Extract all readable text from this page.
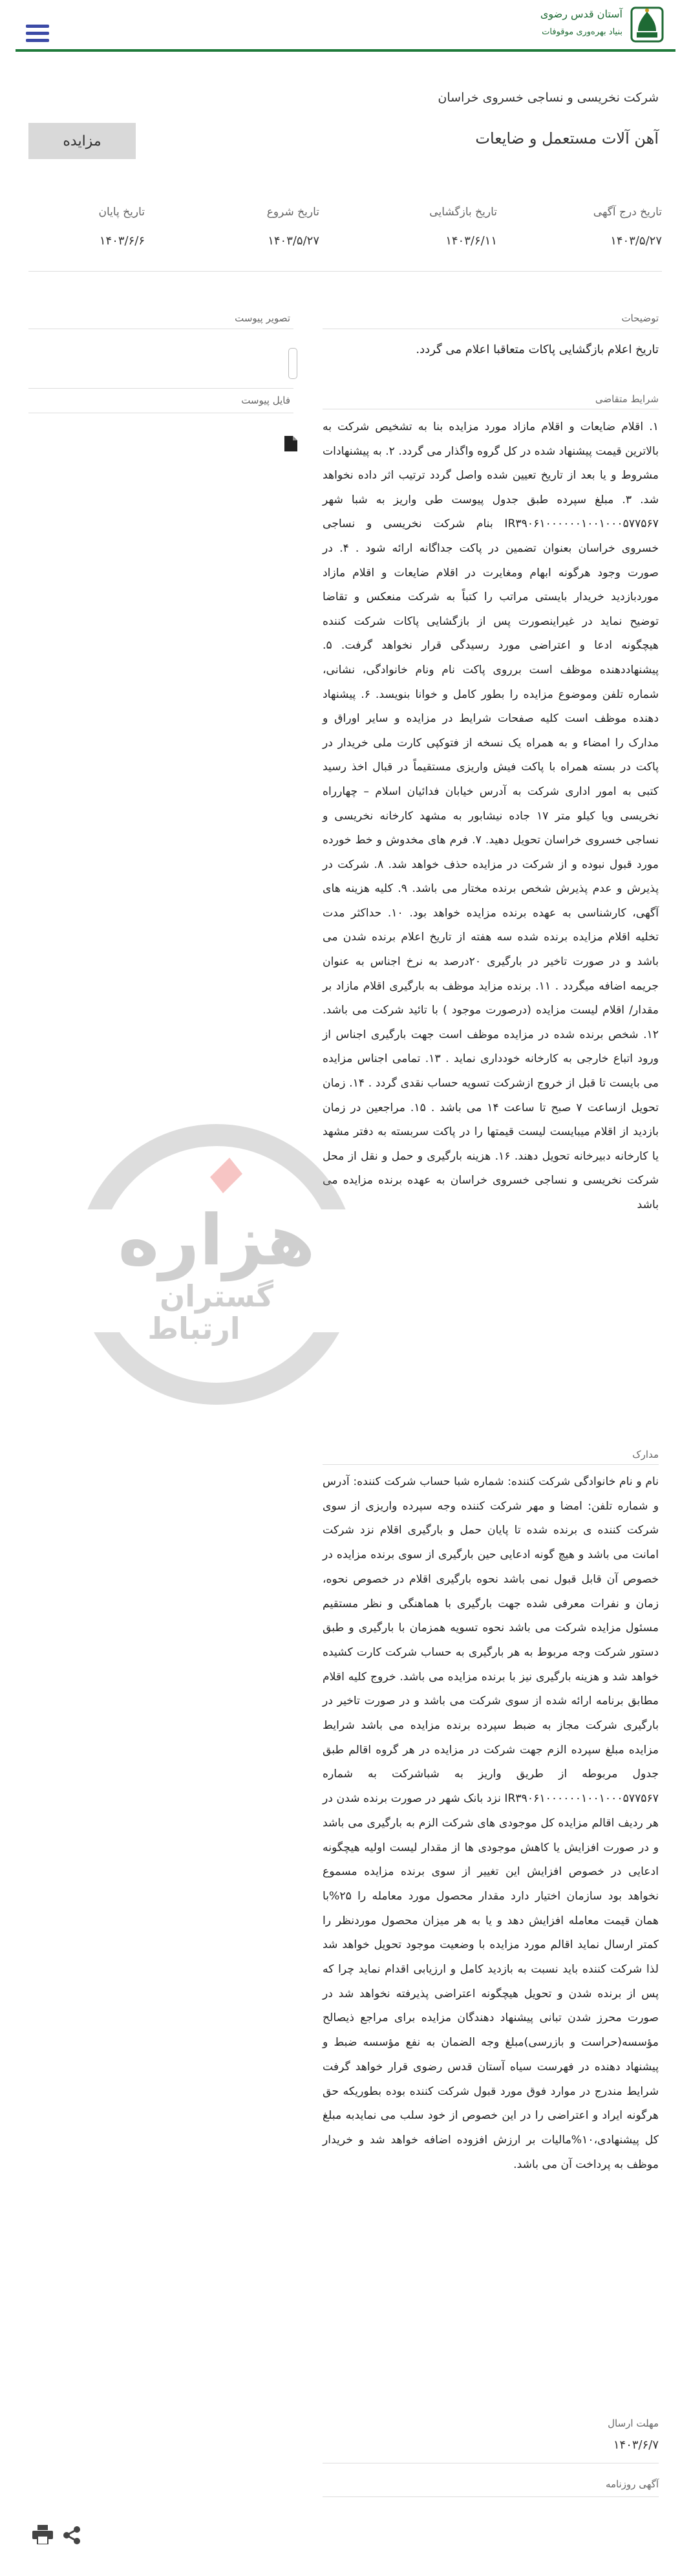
آستان قدس رضوی
بنیاد بهره‌وری موقوفات
شرکت نخریسی و نساجی خسروی خراسان
آهن آلات مستعمل و ضایعات
مزایده
تاریخ درج آگهی
۱۴۰۳/۵/۲۷
تاریخ بازگشایی
۱۴۰۳/۶/۱۱
تاریخ شروع
۱۴۰۳/۵/۲۷
تاریخ پایان
۱۴۰۳/۶/۶
توضیحات
تاریخ اعلام بازگشایی پاکات متعاقبا اعلام می گردد.
تصویر پیوست
فایل پیوست	شرایط متقاضی
۱. اقلام ضایعات و اقلام مازاد مورد مزایده بنا به تشخیص شرکت به بالاترین قیمت پیشنهاد شده در کل گروه واگذار می گردد. ۲. به پیشنهادات مشروط و یا بعد از تاریخ تعیین شده واصل گردد ترتیب اثر داده نخواهد شد. ۳. مبلغ سپرده طبق جدول پیوست طی واریز به شبا شهر IR۳۹۰۶۱۰۰۰۰۰۰۱۰۰۱۰۰۰۵۷۷۵۶۷ بنام شرکت نخریسی و نساجی خسروی خراسان بعنوان تضمین در پاکت جداگانه ارائه شود . ۴. در صورت وجود هرگونه ابهام ومغایرت در اقلام ضایعات و اقلام مازاد موردبازدید خریدار بایستی مراتب را کتباً به شرکت منعکس و تقاضا توضیح نماید در غیراینصورت پس از بازگشایی پاکات شرکت کننده هیچگونه ادعا و اعتراضی مورد رسیدگی قرار نخواهد گرفت. ۵. پیشنهاددهنده موظف است برروی پاکت نام ونام خانوادگی، نشانی، شماره تلفن وموضوع مزایده را بطور کامل و خوانا بنویسد. ۶. پیشنهاد دهنده موظف است کلیه صفحات شرایط در مزایده و سایر اوراق و مدارک را امضاء و به همراه یک نسخه از فتوکپی کارت ملی خریدار در پاکت در بسته همراه با پاکت فیش واریزی مستقیماً در قبال اخذ رسید کتبی به امور اداری شرکت به آدرس خیابان فدائیان اسلام – چهارراه نخریسی ویا کیلو متر ۱۷ جاده نیشابور به مشهد کارخانه نخریسی و نساجی خسروی خراسان تحویل دهید. ۷. فرم های مخدوش و خط خورده مورد قبول نبوده و از شرکت در مزایده حذف خواهد شد. ۸. شرکت در پذیرش و عدم پذیرش شخص برنده مختار می باشد. ۹. کلیه هزینه های آگهی، کارشناسی به عهده برنده مزایده خواهد بود. ۱۰. حداکثر مدت تخلیه اقلام مزایده برنده شده سه هفته از تاریخ اعلام برنده شدن می باشد و در صورت تاخیر در بارگیری ۲۰درصد به نرخ اجناس به عنوان جریمه اضافه میگردد . ۱۱. برنده مزاید موظف به بارگیری اقلام مازاد بر مقدار/ اقلام لیست مزایده (درصورت موجود ) با تائید شرکت می باشد. ۱۲. شخص برنده شده در مزایده موظف است جهت بارگیری اجناس از ورود اتباع خارجی به کارخانه خودداری نماید . ۱۳. تمامی اجناس مزایده می بایست تا قبل از خروج ازشرکت تسویه حساب نقدی گردد . ۱۴. زمان تحویل ازساعت ۷ صبح تا ساعت ۱۴ می باشد . ۱۵. مراجعین در زمان بازدید از اقلام میبایست لیست قیمتها را در پاکت سربسته به دفتر مشهد یا کارخانه دبیرخانه تحویل دهند. ۱۶. هزینه بارگیری و حمل و نقل از محل شرکت نخریسی و نساجی خسروی خراسان به عهده برنده مزایده می باشد
هزاره
گستران
ارتباط
مدارک
نام و نام خانوادگی شرکت کننده: شماره شبا حساب شرکت کننده: آدرس و شماره تلفن: امضا و مهر شرکت کننده وجه سپرده واریزی از سوی شرکت کننده ی برنده شده تا پایان حمل و بارگیری اقلام نزد شرکت امانت می باشد و هیچ گونه ادعایی حین بارگیری از سوی برنده مزایده در خصوص آن قابل قبول نمی باشد نحوه بارگیری اقلام در خصوص نحوه، زمان و نفرات معرفی شده جهت بارگیری با هماهنگی و نظر مستقیم مسئول مزایده شرکت می باشد نحوه تسویه همزمان با بارگیری و طبق دستور شرکت وجه مربوط به هر بارگیری به حساب شرکت کارت کشیده خواهد شد و هزینه بارگیری نیز با برنده مزایده می باشد. خروج کلیه اقلام مطابق برنامه ارائه شده از سوی شرکت می باشد و در صورت تاخیر در بارگیری شرکت مجاز به ضبط سپرده برنده مزایده می باشد شرایط مزایده مبلغ سپرده الزم جهت شرکت در مزایده در هر گروه اقالم طبق جدول مربوطه از طریق واریز به شباشرکت به شماره IR۳۹۰۶۱۰۰۰۰۰۰۱۰۰۱۰۰۰۵۷۷۵۶۷ نزد بانک شهر در صورت برنده شدن در هر ردیف اقالم مزایده کل موجودی های شرکت الزم به بارگیری می باشد و در صورت افزایش یا کاهش موجودی ها از مقدار لیست اولیه هیچگونه ادعایی در خصوص افزایش این تغییر از سوی برنده مزایده مسموع نخواهد بود سازمان اختیار دارد مقدار محصول مورد معامله را ۲۵%با همان قیمت معامله افزایش دهد و یا به هر میزان محصول موردنظر را کمتر ارسال نماید اقالم مورد مزایده با وضعیت موجود تحویل خواهد شد لذا شرکت کننده باید نسبت به بازدید کامل و ارزیابی اقدام نماید چرا که پس از برنده شدن و تحویل هیچگونه اعتراضی پذیرفته نخواهد شد در صورت محرز شدن تبانی پیشنهاد دهندگان مزایده برای مراجع ذیصالح مؤسسه(حراست و بازرسی)مبلغ وجه الضمان به نفع مؤسسه ضبط و پیشنهاد دهنده در فهرست سیاه آستان قدس رضوی قرار خواهد گرفت شرایط مندرج در موارد فوق مورد قبول شرکت کننده بوده بطوریکه حق هرگونه ایراد و اعتراضی را در این خصوص از خود سلب می نمایدبه مبلغ کل پیشنهادی،۱۰%مالیات بر ارزش افزوده اضافه خواهد شد و خریدار موظف به پرداخت آن می باشد.
مهلت ارسال
۱۴۰۳/۶/۷
آگهی روزنامه
